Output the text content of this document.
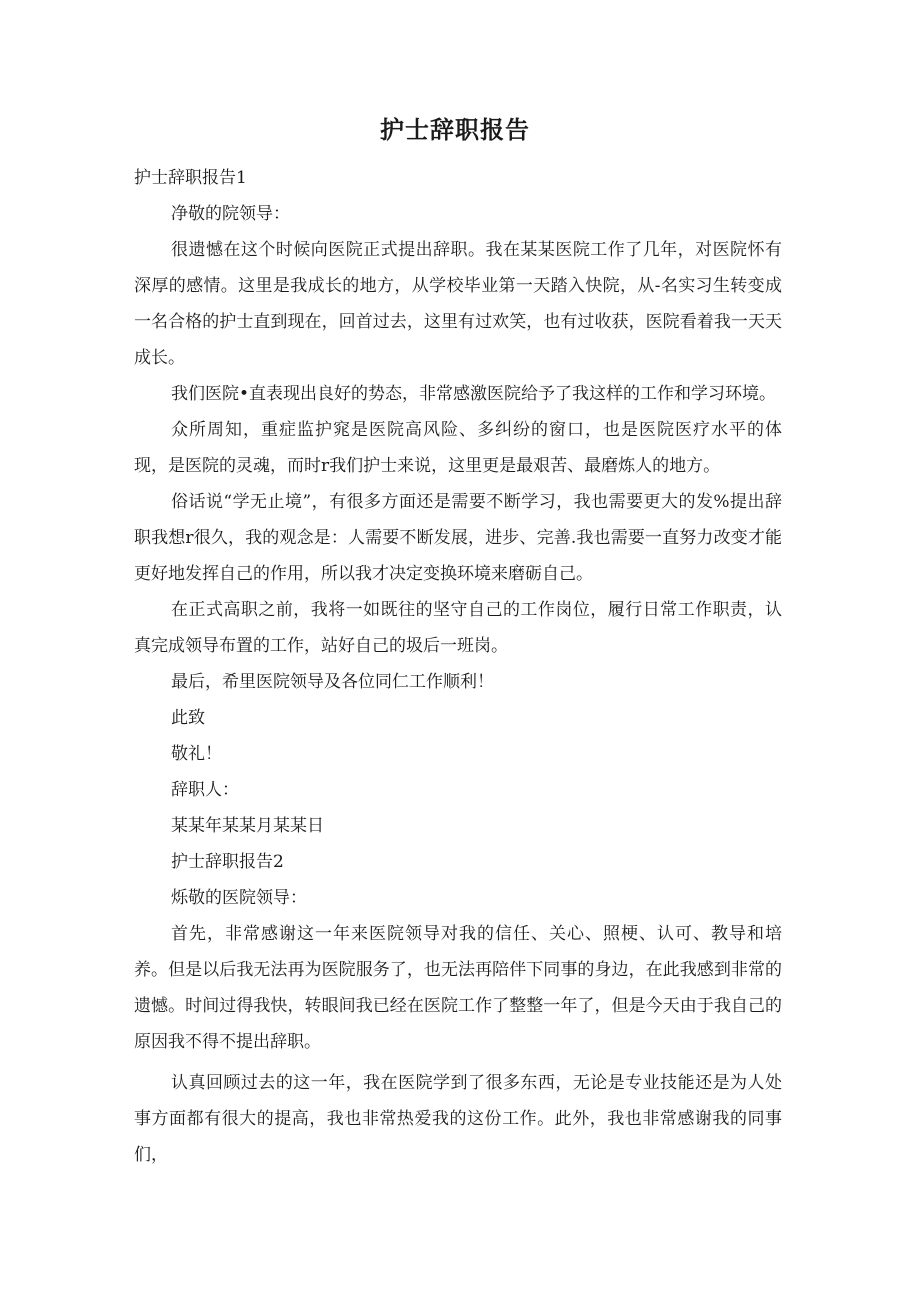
护士辞职报告

护士辞职报告1

净敬的院领导：

很遗憾在这个时候向医院正式提出辞职。我在某某医院工作了几年，对医院怀有深厚的感情。这里是我成长的地方，从学校毕业第一天踏入快院，从-名实习生转变成一名合格的护士直到现在，回首过去，这里有过欢笑，也有过收获，医院看着我一天天成长。

我们医院•直表现出良好的势态，非常感激医院给予了我这样的工作和学习环境。

众所周知，重症监护窕是医院高风险、多纠纷的窗口，也是医院医疗水平的体现，是医院的灵魂，而时r我们护士来说，这里更是最艰苦、最磨炼人的地方。

俗话说“学无止境”，有很多方面还是需要不断学习，我也需要更大的发%提出辞职我想r很久，我的观念是：人需要不断发展，进步、完善.我也需要一直努力改变才能更好地发挥自己的作用，所以我才决定变换环境来磨砺自己。

在正式高职之前，我将一如既往的坚守自己的工作岗位，履行日常工作职责，认真完成领导布置的工作，站好自己的圾后一班岗。

最后，希里医院领导及各位同仁工作顺利！

此致

敬礼！

辞职人：

某某年某某月某某日

护士辞职报告2

烁敬的医院领导：

首先，非常感谢这一年来医院领导对我的信任、关心、照梗、认可、教导和培养。但是以后我无法再为医院服务了，也无法再陪伴下同事的身边，在此我感到非常的遗憾。时间过得我快，转眼间我已经在医院工作了整整一年了，但是今天由于我自己的原因我不得不提出辞职。

认真回顾过去的这一年，我在医院学到了很多东西，无论是专业技能还是为人处事方面都有很大的提高，我也非常热爱我的这份工作。此外，我也非常感谢我的同事们，
